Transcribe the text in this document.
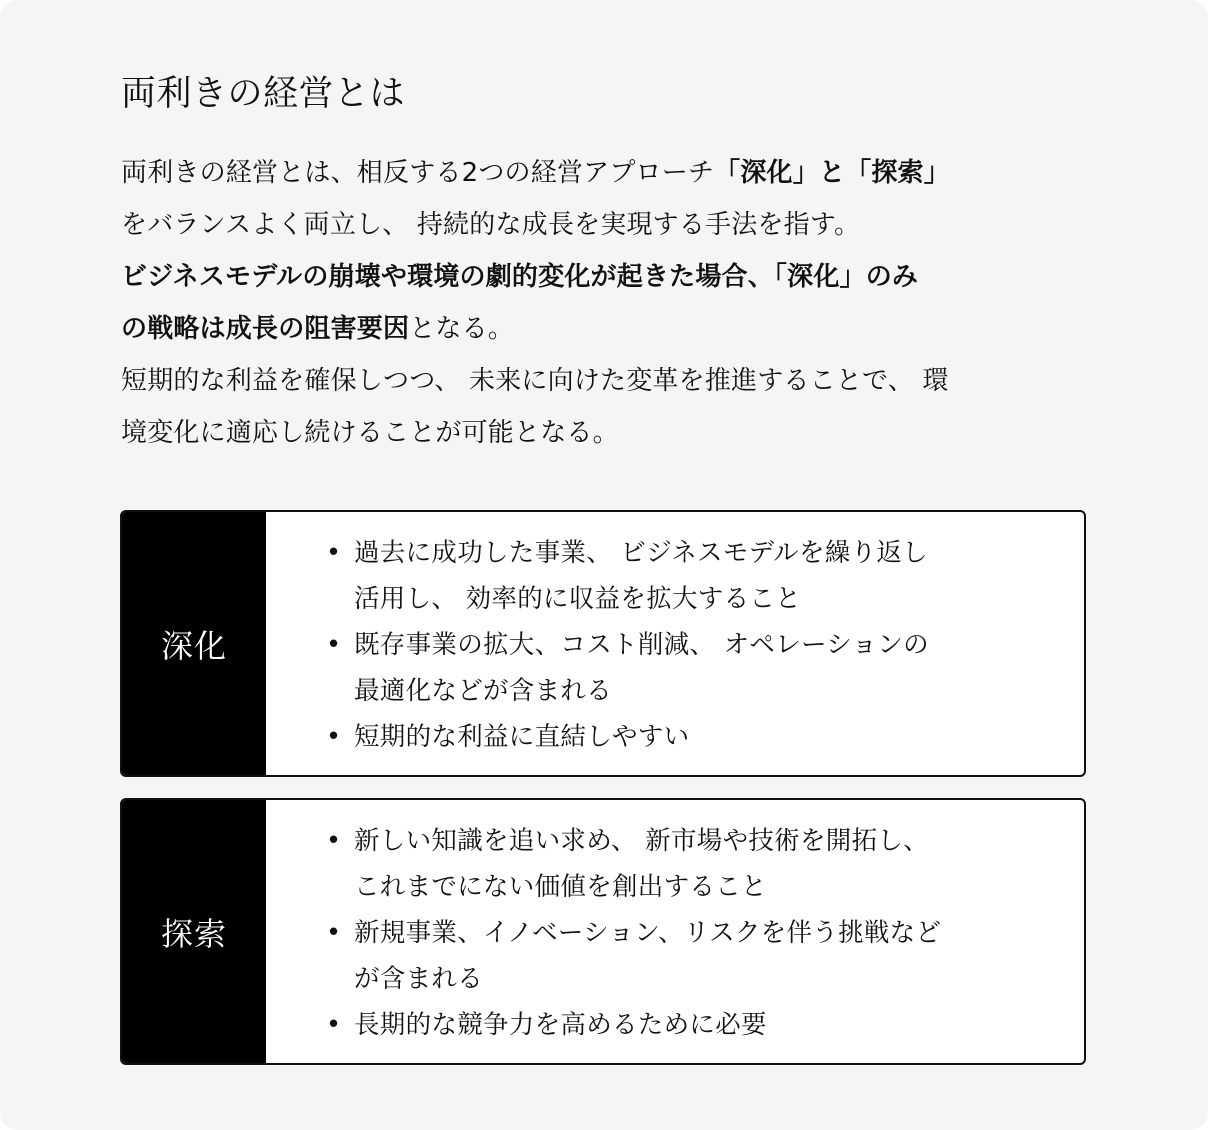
両利きの経営とは
両利きの経営とは、相反する2つの経営アプローチ「深化」と「探索」
をバランスよく両立し、 持続的な成長を実現する手法を指す。
ビジネスモデルの崩壊や環境の劇的変化が起きた場合、「深化」のみ
の戦略は成長の阻害要因となる。
短期的な利益を確保しつつ、 未来に向けた変革を推進することで、 環
境変化に適応し続けることが可能となる。
深化
• 過去に成功した事業、 ビジネスモデルを繰り返し
活用し、 効率的に収益を拡大すること
• 既存事業の拡大、コスト削減、 オペレーションの
最適化などが含まれる
• 短期的な利益に直結しやすい
探索
• 新しい知識を追い求め、 新市場や技術を開拓し、
これまでにない価値を創出すること
• 新規事業、イノベーション、リスクを伴う挑戦など
が含まれる
• 長期的な競争力を高めるために必要
